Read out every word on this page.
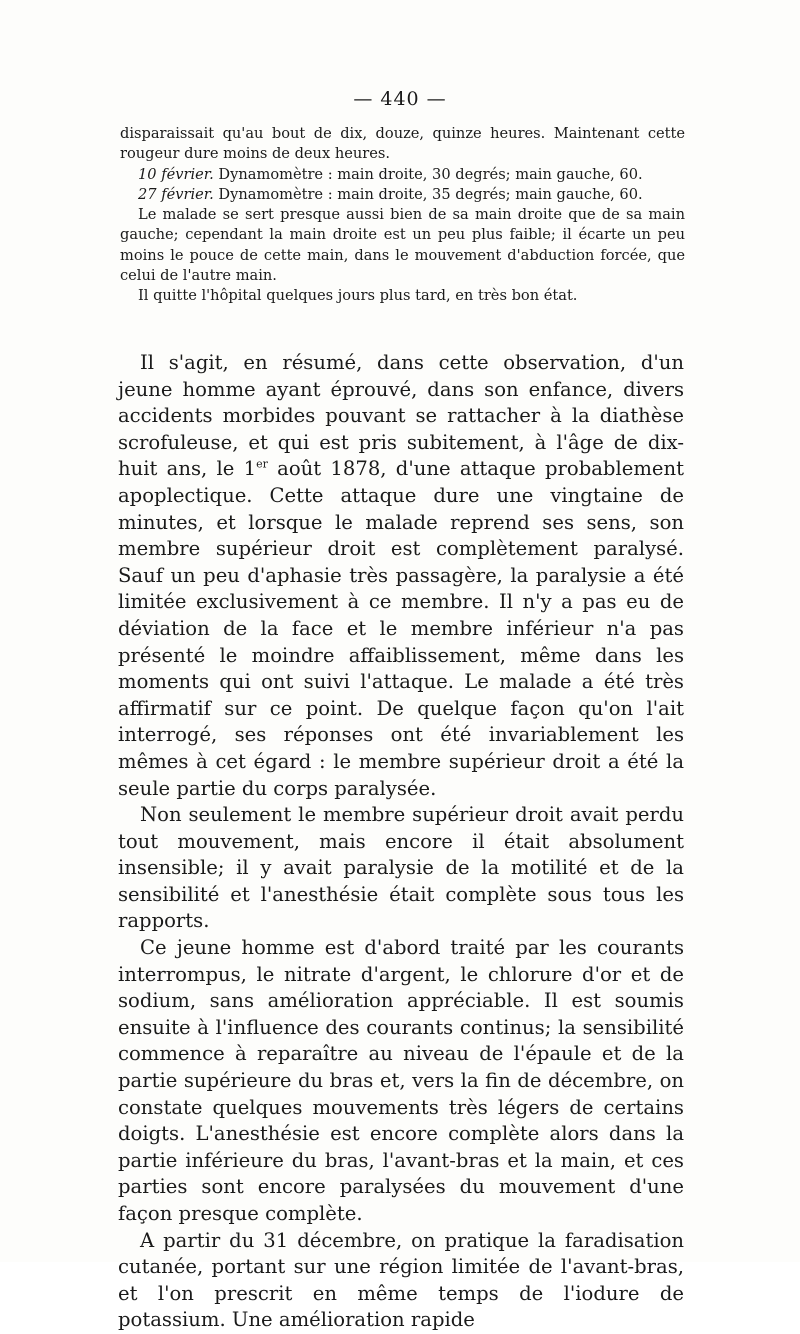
— 440 —

disparaissait qu'au bout de dix, douze, quinze heures. Maintenant cette rougeur dure moins de deux heures.

10 février. Dynamomètre : main droite, 30 degrés; main gauche, 60.

27 février. Dynamomètre : main droite, 35 degrés; main gauche, 60.

Le malade se sert presque aussi bien de sa main droite que de sa main gauche; cependant la main droite est un peu plus faible; il écarte un peu moins le pouce de cette main, dans le mouvement d'abduction forcée, que celui de l'autre main.

Il quitte l'hôpital quelques jours plus tard, en très bon état.

Il s'agit, en résumé, dans cette observation, d'un jeune homme ayant éprouvé, dans son enfance, divers accidents morbides pouvant se rattacher à la diathèse scrofuleuse, et qui est pris subitement, à l'âge de dix-huit ans, le 1er août 1878, d'une attaque probablement apoplectique. Cette attaque dure une vingtaine de minutes, et lorsque le malade reprend ses sens, son membre supérieur droit est complètement paralysé. Sauf un peu d'aphasie très passagère, la paralysie a été limitée exclusivement à ce membre. Il n'y a pas eu de déviation de la face et le membre inférieur n'a pas présenté le moindre affaiblissement, même dans les moments qui ont suivi l'attaque. Le malade a été très affirmatif sur ce point. De quelque façon qu'on l'ait interrogé, ses réponses ont été invariablement les mêmes à cet égard : le membre supérieur droit a été la seule partie du corps paralysée.

Non seulement le membre supérieur droit avait perdu tout mouvement, mais encore il était absolument insensible; il y avait paralysie de la motilité et de la sensibilité et l'anesthésie était complète sous tous les rapports.

Ce jeune homme est d'abord traité par les courants interrompus, le nitrate d'argent, le chlorure d'or et de sodium, sans amélioration appréciable. Il est soumis ensuite à l'influence des courants continus; la sensibilité commence à reparaître au niveau de l'épaule et de la partie supérieure du bras et, vers la fin de décembre, on constate quelques mouvements très légers de certains doigts. L'anesthésie est encore complète alors dans la partie inférieure du bras, l'avant-bras et la main, et ces parties sont encore paralysées du mouvement d'une façon presque complète.

A partir du 31 décembre, on pratique la faradisation cutanée, portant sur une région limitée de l'avant-bras, et l'on prescrit en même temps de l'iodure de potassium. Une amélioration rapide
